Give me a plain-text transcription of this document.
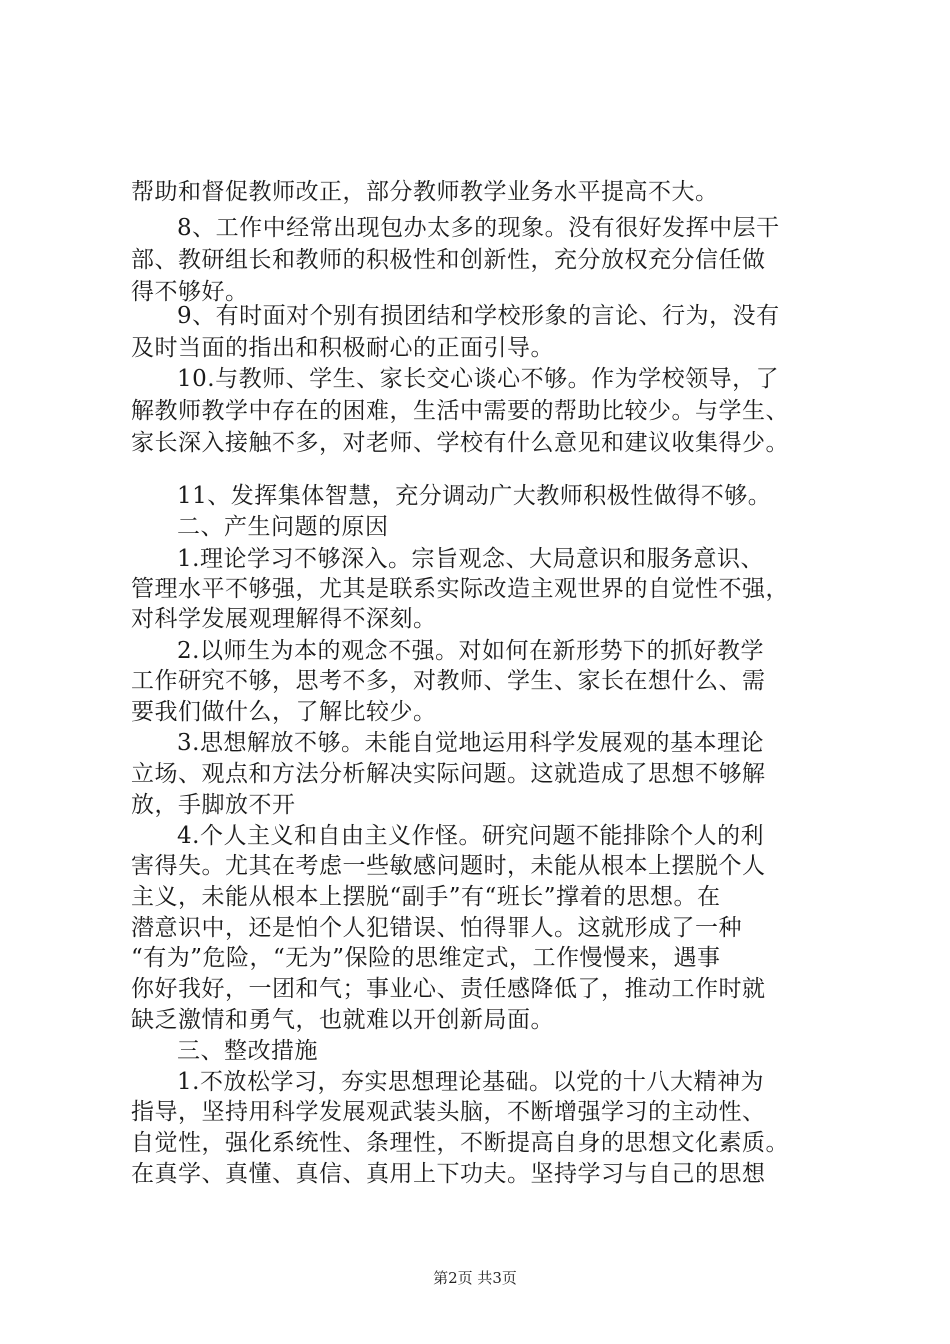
帮助和督促教师改正，部分教师教学业务水平提高不大。
8、工作中经常出现包办太多的现象。没有很好发挥中层干
部、教研组长和教师的积极性和创新性，充分放权充分信任做
得不够好。
9、有时面对个别有损团结和学校形象的言论、行为，没有
及时当面的指出和积极耐心的正面引导。
10.与教师、学生、家长交心谈心不够。作为学校领导，了
解教师教学中存在的困难，生活中需要的帮助比较少。与学生、
家长深入接触不多，对老师、学校有什么意见和建议收集得少。
11、发挥集体智慧，充分调动广大教师积极性做得不够。
二、产生问题的原因
1.理论学习不够深入。宗旨观念、大局意识和服务意识、
管理水平不够强，尤其是联系实际改造主观世界的自觉性不强，
对科学发展观理解得不深刻。
2.以师生为本的观念不强。对如何在新形势下的抓好教学
工作研究不够，思考不多，对教师、学生、家长在想什么、需
要我们做什么，了解比较少。
3.思想解放不够。未能自觉地运用科学发展观的基本理论
立场、观点和方法分析解决实际问题。这就造成了思想不够解
放，手脚放不开
4.个人主义和自由主义作怪。研究问题不能排除个人的利
害得失。尤其在考虑一些敏感问题时，未能从根本上摆脱个人
主义，未能从根本上摆脱“副手”有“班长”撑着的思想。在
潜意识中，还是怕个人犯错误、怕得罪人。这就形成了一种
“有为”危险，“无为”保险的思维定式，工作慢慢来，遇事
你好我好，一团和气；事业心、责任感降低了，推动工作时就
缺乏激情和勇气，也就难以开创新局面。
三、整改措施
1.不放松学习，夯实思想理论基础。以党的十八大精神为
指导，坚持用科学发展观武装头脑，不断增强学习的主动性、
自觉性，强化系统性、条理性，不断提高自身的思想文化素质。
在真学、真懂、真信、真用上下功夫。坚持学习与自己的思想
第2页 共3页
